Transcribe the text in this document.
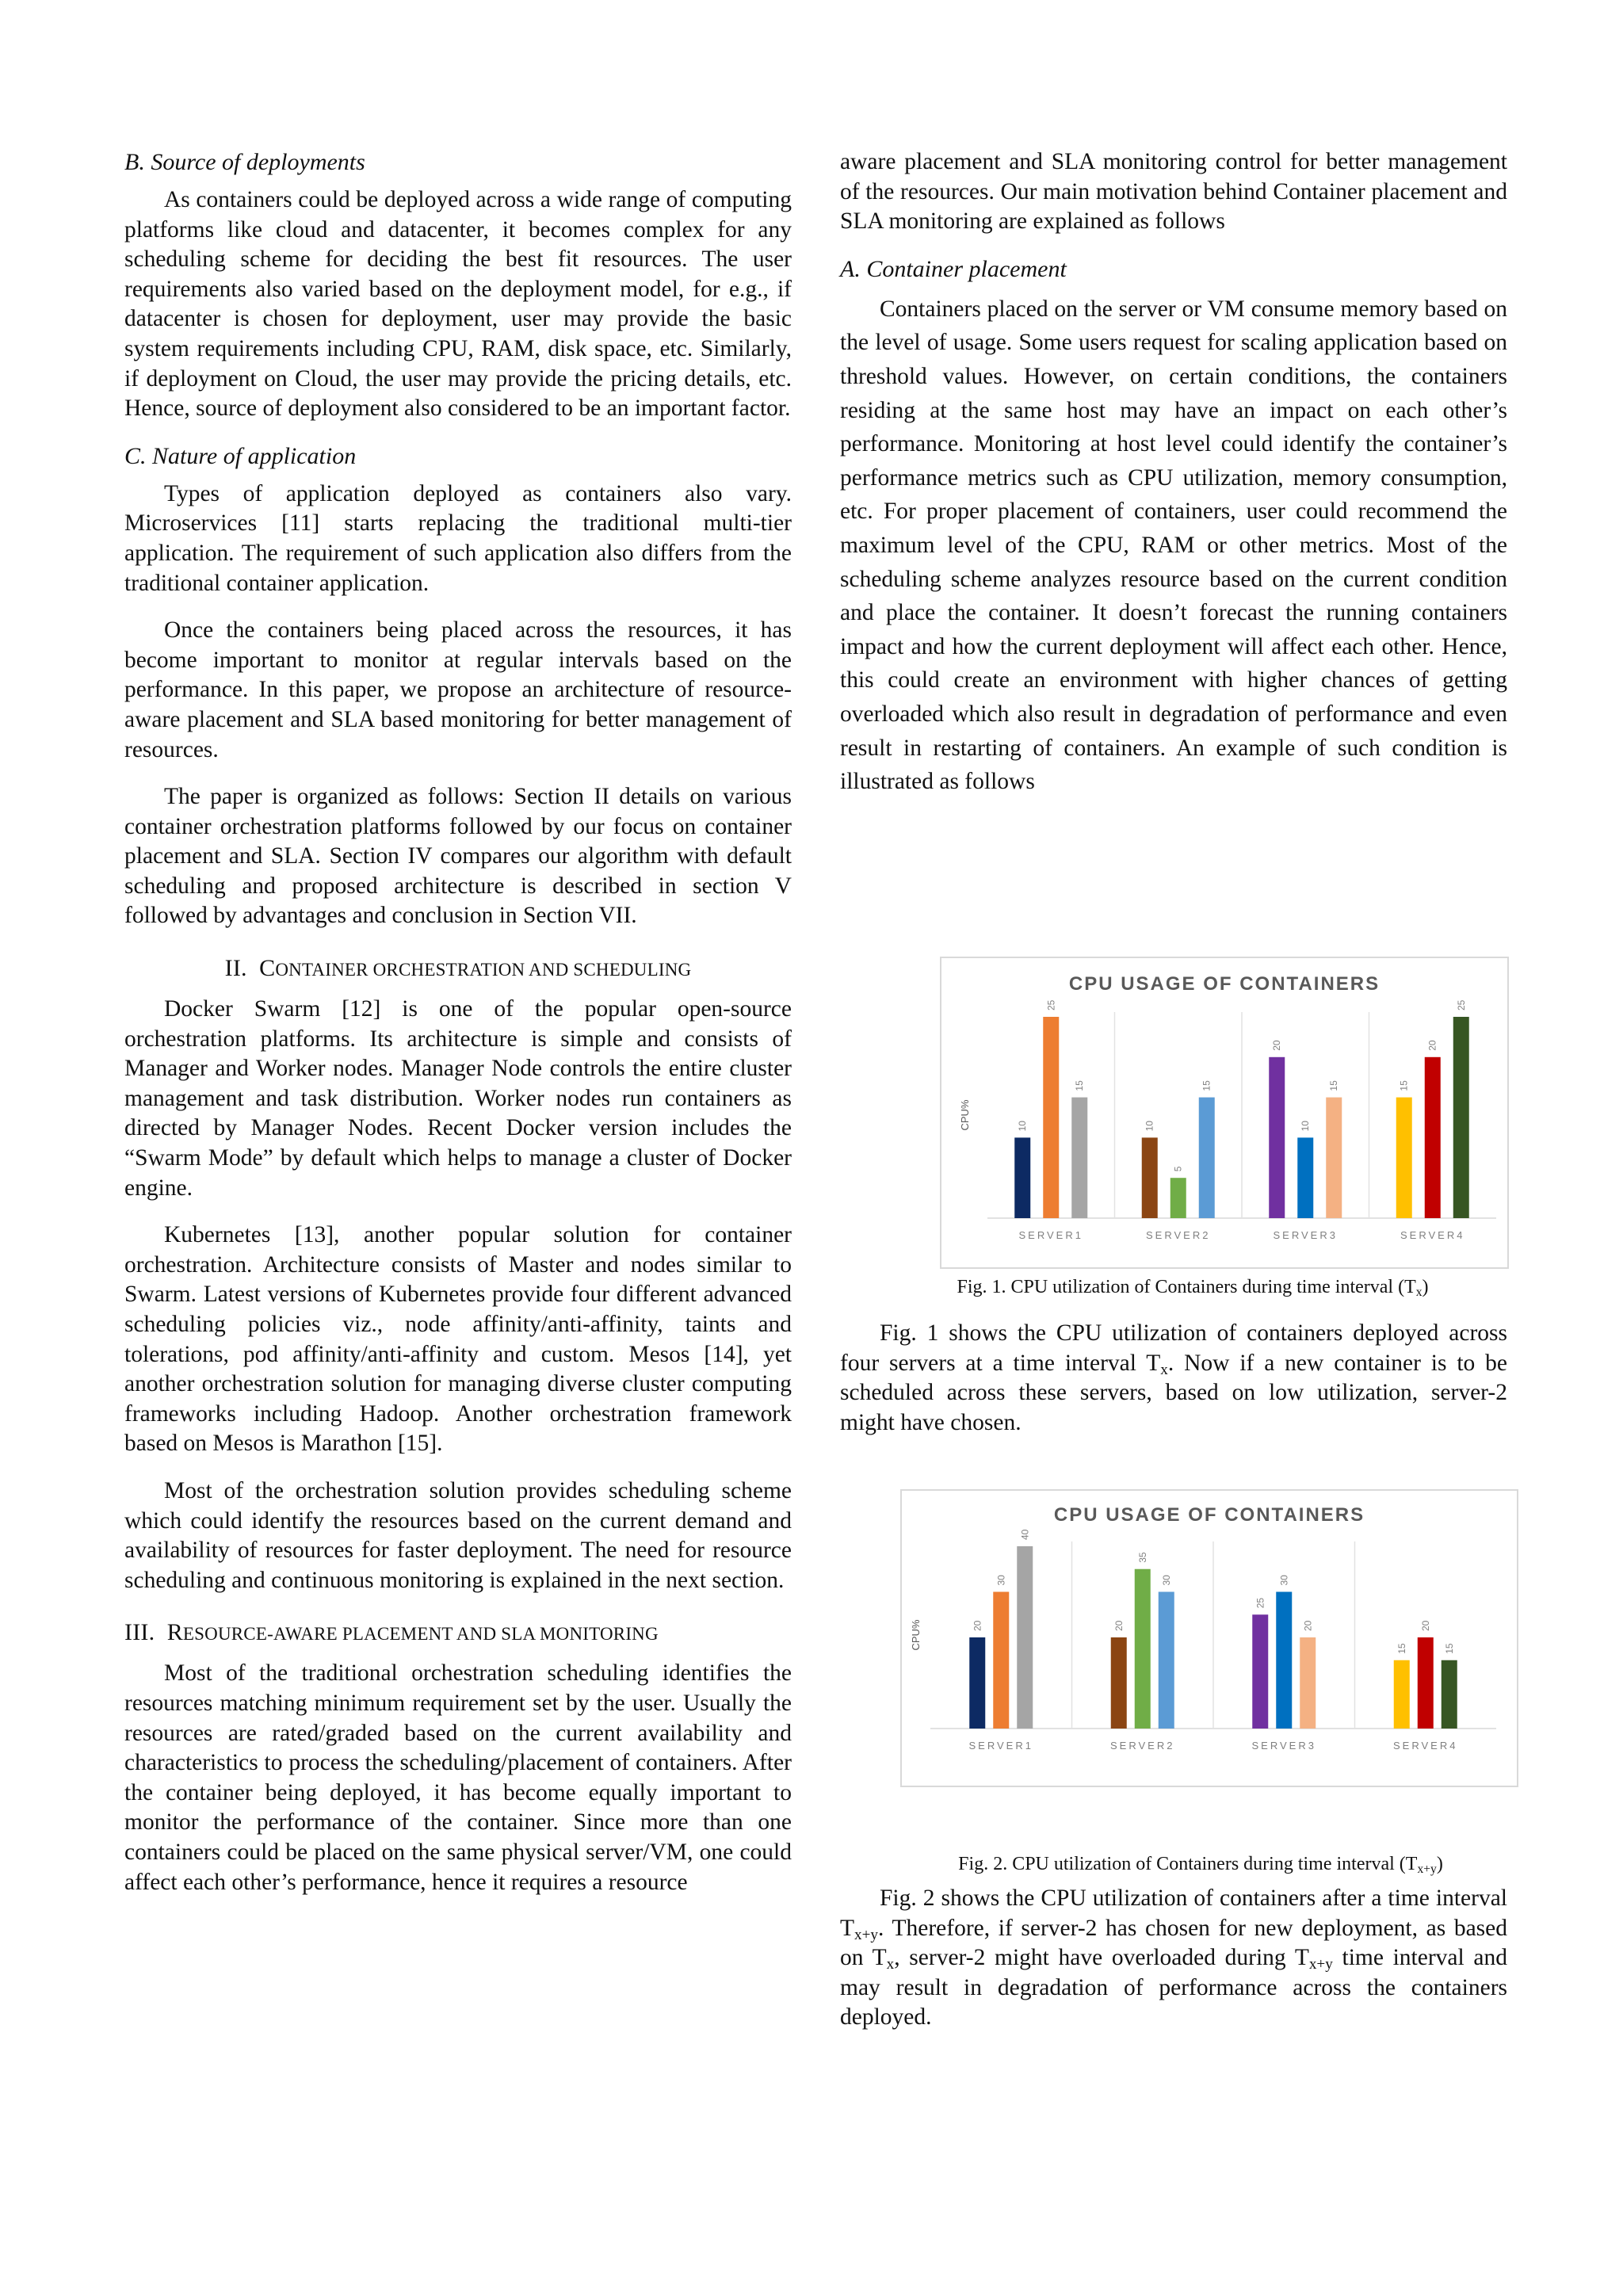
B. Source of deployments

As containers could be deployed across a wide range of computing platforms like cloud and datacenter, it becomes complex for any scheduling scheme for deciding the best fit resources. The user requirements also varied based on the deployment model, for e.g., if datacenter is chosen for deployment, user may provide the basic system requirements including CPU, RAM, disk space, etc. Similarly, if deployment on Cloud, the user may provide the pricing details, etc. Hence, source of deployment also considered to be an important factor.

C. Nature of application

Types of application deployed as containers also vary. Microservices [11] starts replacing the traditional multi-tier application. The requirement of such application also differs from the traditional container application.

Once the containers being placed across the resources, it has become important to monitor at regular intervals based on the performance. In this paper, we propose an architecture of resource-aware placement and SLA based monitoring for better management of resources.

The paper is organized as follows: Section II details on various container orchestration platforms followed by our focus on container placement and SLA. Section IV compares our algorithm with default scheduling and proposed architecture is described in section V followed by advantages and conclusion in Section VII.

II. CONTAINER ORCHESTRATION AND SCHEDULING

Docker Swarm [12] is one of the popular open-source orchestration platforms. Its architecture is simple and consists of Manager and Worker nodes. Manager Node controls the entire cluster management and task distribution. Worker nodes run containers as directed by Manager Nodes. Recent Docker version includes the “Swarm Mode” by default which helps to manage a cluster of Docker engine.

Kubernetes [13], another popular solution for container orchestration. Architecture consists of Master and nodes similar to Swarm. Latest versions of Kubernetes provide four different advanced scheduling policies viz., node affinity/anti-affinity, taints and tolerations, pod affinity/anti-affinity and custom. Mesos [14], yet another orchestration solution for managing diverse cluster computing frameworks including Hadoop. Another orchestration framework based on Mesos is Marathon [15].

Most of the orchestration solution provides scheduling scheme which could identify the resources based on the current demand and availability of resources for faster deployment. The need for resource scheduling and continuous monitoring is explained in the next section.

III. RESOURCE-AWARE PLACEMENT AND SLA MONITORING

Most of the traditional orchestration scheduling identifies the resources matching minimum requirement set by the user. Usually the resources are rated/graded based on the current availability and characteristics to process the scheduling/placement of containers. After the container being deployed, it has become equally important to monitor the performance of the container. Since more than one containers could be placed on the same physical server/VM, one could affect each other’s performance, hence it requires a resource

aware placement and SLA monitoring control for better management of the resources. Our main motivation behind Container placement and SLA monitoring are explained as follows

A. Container placement

Containers placed on the server or VM consume memory based on the level of usage. Some users request for scaling application based on threshold values. However, on certain conditions, the containers residing at the same host may have an impact on each other’s performance. Monitoring at host level could identify the container’s performance metrics such as CPU utilization, memory consumption, etc. For proper placement of containers, user could recommend the maximum level of the CPU, RAM or other metrics. Most of the scheduling scheme analyzes resource based on the current condition and place the container. It doesn’t forecast the running containers impact and how the current deployment will affect each other. Hence, this could create an environment with higher chances of getting overloaded which also result in degradation of performance and even result in restarting of containers. An example of such condition is illustrated as follows

CPU USAGE OF CONTAINERS
CPU%	10
25
15
SERVER1
10
5
15
SERVER2
20
10
15
SERVER3
15
20
25
SERVER4
Fig. 1. CPU utilization of Containers during time interval $(T_x)$

Fig. 1 shows the CPU utilization of containers deployed across four servers at a time interval $T_x$. Now if a new container is to be scheduled across these servers, based on low utilization, server-2 might have chosen.

CPU USAGE OF CONTAINERS
CPU%	20
30
40
SERVER1
20
35
30
SERVER2
25
30
20
SERVER3
15
20
15
SERVER4
Fig. 2. CPU utilization of Containers during time interval $(T_{x+y})$

Fig. 2 shows the CPU utilization of containers after a time interval $T_{x+y}$. Therefore, if server-2 has chosen for new deployment, as based on $T_x$, server-2 might have overloaded during $T_{x+y}$ time interval and may result in degradation of performance across the containers deployed.
